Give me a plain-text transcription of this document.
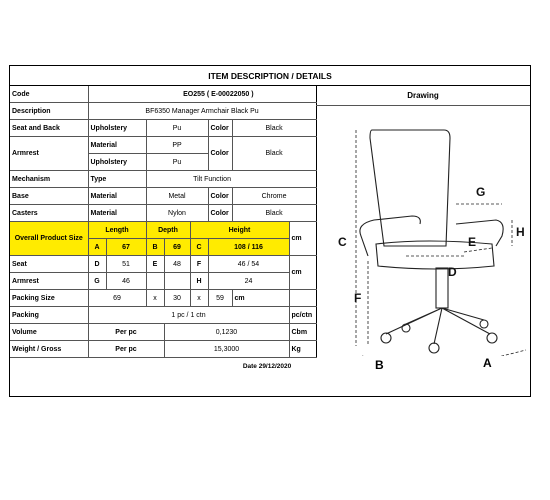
ITEM DESCRIPTION / DETAILS
Code	EO255 ( E-00022050 )							
Description	BF6350 Manager Armchair Black Pu							
Seat and Back	Upholstery		Pu			Color	Black	
Armrest	Material		PP			Color	Black	
	Upholstery		Pu					
Mechanism	Type		Tilt Function					
Base	Material		Metal			Color	Chrome	
Casters	Material		Nylon			Color	Black	
Overall Product Size	Length		Depth		Height			cm
	A	67	B	69	C	108 / 116		
Seat	D	51	E	48	F	46 / 54		cm
Armrest	G	46			H	24		
Packing Size	69		x	30	x	59	cm	
Packing	1 pc / 1 ctn							pc/ctn
Volume	Per pc			0,1230				Cbm
Weight / Gross	Per pc			15,3000				Kg
Date 29/12/2020								
Drawing
C
F
E
D
G
H
B	A
